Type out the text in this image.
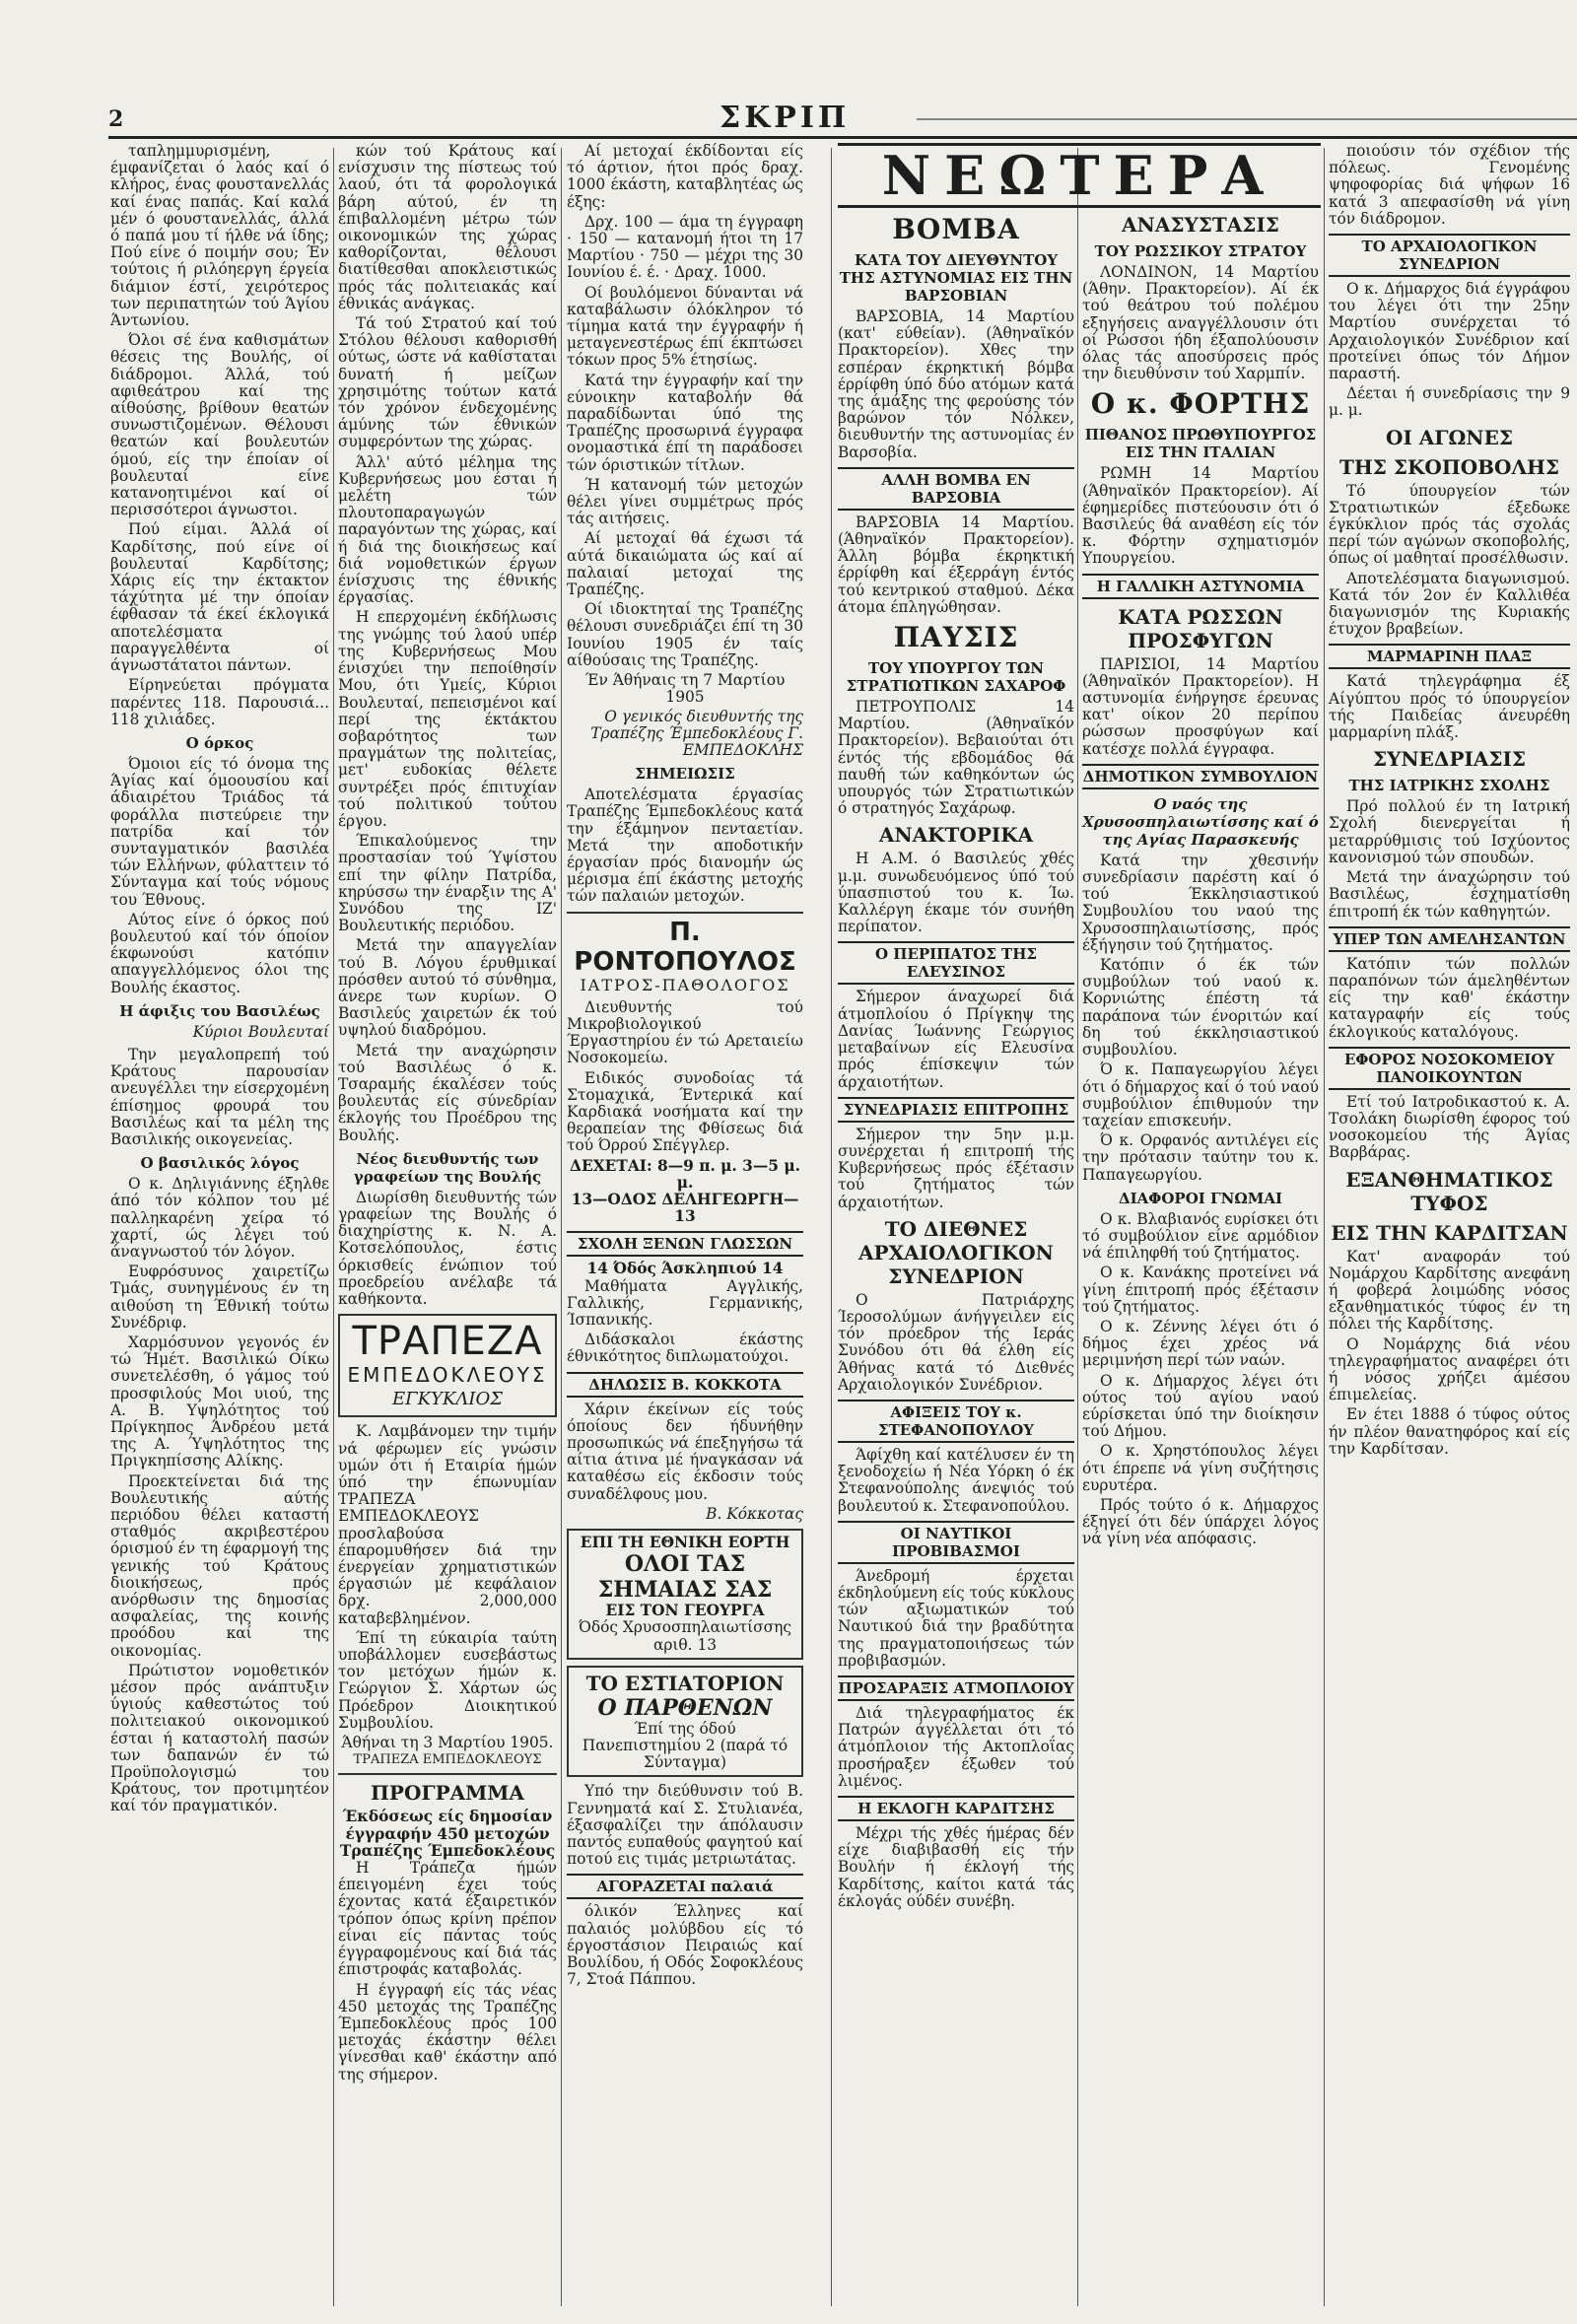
2	ΣΚΡΙΠ

ταπλημμυρισμένη, έμφανίζεται ό λαός καί ό κλήρος, ένας φουστανελλάς καί ένας παπάς. Καί καλά μέν ό φουστανελλάς, άλλά ό παπά μου τί ήλθε νά ίδης; Πού είνε ό ποιμήν σου; Έν τούτοις ή ριλόηεργη έργεία διάμιον έστί, χειρότερος των περιπατητών τού Άγίου Άντωνίου.

Όλοι σέ ένα καθισμάτων θέσεις της Βουλής, οί διάδρομοι. Άλλά, τού αφιθεάτρου καί της αίθούσης, βρίθουν θεατών συνωστιζομένων. Θέλουσι θεατών καί βουλευτών όμού, είς την έποίαν οί βουλευταί είνε κατανοητιμένοι καί οί περισσότεροι άγνωστοι.

Πού είμαι. Άλλά οί Καρδίτσης, πού είνε οί βουλευταί Καρδίτσης; Χάρις είς την έκτακτον τάχύτητα μέ την όποίαν έφθασαν τά έκεί έκλογικά αποτελέσματα παραγγελθέντα οί άγνωστάτατοι πάντων.

Είρηνεύεται πρόγματα παρέντες 118. Παρουσιά... 118 χιλιάδες.

Ο όρκος

Όμοιοι είς τό όνομα της Άγίας καί όμοουσίου καί άδιαιρέτου Τριάδος τά φοράλλα πιστεύρειε την πατρίδα καί τόν συνταγματικόν βασιλέα τών Ελλήνων, φύλαττειν τό Σύνταγμα καί τούς νόμους του Έθνους.

Αύτος είνε ό όρκος πού βουλευτού καί τόν όποίον έκφωνούσι κατόπιν απαγγελλόμενος όλοι της Βουλής έκαστος.

Η άφιξις του Βασιλέως
Κύριοι Βουλευταί

Την μεγαλοπρεπή τού Κράτους παρουσίαν ανευγέλλει την είσερχομένη έπίσημος φρουρά του Βασιλέως καί τα μέλη της Βασιλικής οικογενείας.

Ο βασιλικός λόγος

Ο κ. Δηλιγιάννης έξηλθε άπό τόν κόλπον του μέ παλληκαρένη χείρα τό χαρτί, ώς λέγει τού άναγνωστού τόν λόγον.

Ευφρόσυνος χαιρετίζω Τμάς, συνηγμένους έν τη αιθούση τη Έθνική τούτω Συνέδριφ.

Χαρμόσυνον γεγονός έν τώ Ήμέτ. Βασιλικώ Οίκω συνετελέσθη, ό γάμος τού προσφιλούς Μοι υιού, της Α. Β. Υψηλότητος τού Πρίγκηπος Άνδρέου μετά της Α. Ύψηλότητος της Πριγκηπίσσης Αλίκης.

Προεκτείνεται διά της Βουλευτικής αύτής περιόδου θέλει καταστή σταθμός ακριβεστέρου όρισμού έν τη έφαρμογή της γενικής τού Κράτους διοικήσεως, πρός ανόρθωσιν της δημοσίας ασφαλείας, της κοινής προόδου καί της οικονομίας.

Πρώτιστον νομοθετικόν μέσον πρός ανάπτυξιν ύγιούς καθεστώτος τού πολιτειακού οικονομικού έσται ή καταστολή πασών των δαπανών έν τώ Προϋπολογισμώ του Κράτους, τον προτιμητέον καί τόν πραγματικόν.

κών τού Κράτους καί ενίσχυσιν της πίστεως τού λαού, ότι τά φορολογικά βάρη αύτού, έν τη έπιβαλλομένη μέτρω τών οικονομικών της χώρας καθορίζονται, θέλουσι διατίθεσθαι αποκλειστικώς πρός τάς πολιτειακάς καί έθνικάς ανάγκας.

Τά τού Στρατού καί τού Στόλου θέλουσι καθορισθή ούτως, ώστε νά καθίσταται δυνατή ή μείζων χρησιμότης τούτων κατά τόν χρόνον ένδεχομένης άμύνης τών έθνικών συμφερόντων της χώρας.

Άλλ' αύτό μέλημα της Κυβερνήσεως μου έσται ή μελέτη τών πλουτοπαραγωγών παραγόντων της χώρας, καί ή διά της διοικήσεως καί διά νομοθετικών έργων ένίσχυσις της έθνικής έργασίας.

Η επερχομένη έκδήλωσις της γνώμης τού λαού υπέρ της Κυβερνήσεως Μου ένισχύει την πεποίθησίν Μου, ότι Υμείς, Κύριοι Βουλευταί, πεπεισμένοι καί περί της έκτάκτου σοβαρότητος των πραγμάτων της πολιτείας, μετ' ευδοκίας θέλετε συντρέξει πρός έπιτυχίαν τού πολιτικού τούτου έργου.

Έπικαλούμενος την προστασίαν τού Ύψίστου επί την φίλην Πατρίδα, κηρύσσω την έναρξιν της Α' Συνόδου της ΙΖ' Βουλευτικής περιόδου.

Μετά την απαγγελίαν τού Β. Λόγου έρυθμικαί πρόσθεν αυτού τό σύνθημα, άνερε των κυρίων. Ο Βασιλεύς χαιρετών έκ τού υψηλού διαδρόμου.

Μετά την αναχώρησιν τού Βασιλέως ό κ. Τσαραμής έκαλέσεν τούς βουλευτάς είς σύνεδρίαν έκλογής του Προέδρου της Βουλής.

Νέος διευθυντής των γραφείων της Βουλής

Διωρίσθη διευθυντής τών γραφείων της Βουλής ό διαχηρίστης κ. Ν. Α. Κοτσελόπουλος, έστις όρκισθείς ένώπιον τού προεδρείου ανέλαβε τά καθήκοντα.

ΤΡΑΠΕΖΑ
ΕΜΠΕΔΟΚΛΕΟΥΣ
ΕΓΚΥΚΛΙΟΣ

Κ. Λαμβάνομεν την τιμήν νά φέρωμεν είς γνώσιν υμών ότι ή Εταιρία ήμών ύπό την έπωνυμίαν ΤΡΑΠΕΖΑ ΕΜΠΕΔΟΚΛΕΟΥΣ προσλαβούσα έπαρομυθήσεν διά την ένεργείαν χρηματιστικών έργασιών μέ κεφάλαιον δρχ. 2,000,000 καταβεβλημένον.

Έπί τη εύκαιρία ταύτη υποβάλλομεν ευσεβάστως τον μετόχων ήμών κ. Γεώργιον Σ. Χάρτων ώς Πρόεδρον Διοικητικού Συμβουλίου.

Άθήναι τη 3 Μαρτίου 1905.
ΤΡΑΠΕΖΑ ΕΜΠΕΔΟΚΛΕΟΥΣ
ΠΡΟΓΡΑΜΜΑ
Έκδόσεως είς δημοσίαν έγγραφήν 450 μετοχών Τραπέζης Έμπεδοκλέους

Η Τράπεζα ήμών έπειγομένη έχει τούς έχοντας κατά έξαιρετικόν τρόπον όπως κρίνη πρέπον είναι είς πάντας τούς έγγραφομένους καί διά τάς έπιστροφάς καταβολάς.

Η έγγραφή είς τάς νέας 450 μετοχάς της Τραπέζης Έμπεδοκλέους πρός 100 μετοχάς έκάστην θέλει γίνεσθαι καθ' έκάστην από της σήμερον.

Αί μετοχαί έκδίδονται είς τό άρτιον, ήτοι πρός δραχ. 1000 έκάστη, καταβλητέας ώς έξης:

Δρχ. 100 — άμα τη έγγραφη · 150 — κατανομή ήτοι τη 17 Μαρτίου · 750 — μέχρι της 30 Ιουνίου έ. έ. · Δραχ. 1000.

Οί βουλόμενοι δύνανται νά καταβάλωσιν όλόκληρον τό τίμημα κατά την έγγραφήν ή μεταγενεστέρως έπί έκπτώσει τόκων προς 5% έτησίως.

Κατά την έγγραφήν καί την εύνοικην καταβολήν θά παραδίδωνται ύπό της Τραπέζης προσωρινά έγγραφα ονομαστικά έπί τη παράδοσει τών όριστικών τίτλων.

Ή κατανομή τών μετοχών θέλει γίνει συμμέτρως πρός τάς αιτήσεις.

Αί μετοχαί θά έχωσι τά αύτά δικαιώματα ώς καί αί παλαιαί μετοχαί της Τραπέζης.

Οί ιδιοκτηταί της Τραπέζης θέλουσι συνεδριάζει έπί τη 30 Ιουνίου 1905 έν ταίς αίθούσαις της Τραπέζης.

Έν Άθήναις τη 7 Μαρτίου 1905
Ο γενικός διευθυντής της Τραπέζης Έμπεδοκλέους Γ. ΕΜΠΕΔΟΚΛΗΣ
ΣΗΜΕΙΩΣΙΣ

Αποτελέσματα έργασίας Τραπέζης Έμπεδοκλέους κατά την έξάμηνον πενταετίαν. Μετά την αποδοτικήν έργασίαν πρός διανομήν ώς μέρισμα έπί έκάστης μετοχής τών παλαιών μετοχών.

Π. ΡΟΝΤΟΠΟΥΛΟΣ
ΙΑΤΡΟΣ-ΠΑΘΟΛΟΓΟΣ

Διευθυντής τού Μικροβιολογικού Έργαστηρίου έν τώ Αρεταιείω Νοσοκομείω.

Ειδικός συνοδοίας τά Στομαχικά, Έντερικά καί Καρδιακά νοσήματα καί την θεραπείαν της Φθίσεως διά τού Όρρού Σπέγγλερ.

ΔΕΧΕΤΑΙ: 8—9 π. μ. 3—5 μ. μ.
13—ΟΔΟΣ ΔΕΛΗΓΕΩΡΓΗ—13
ΣΧΟΛΗ ΞΕΝΩΝ ΓΛΩΣΣΩΝ
14 Όδός Άσκληπιού 14

Μαθήματα Αγγλικής, Γαλλικής, Γερμανικής, Ίσπανικής.

Διδάσκαλοι έκάστης έθνικότητος διπλωματούχοι.

ΔΗΛΩΣΙΣ Β. ΚΟΚΚΟΤΑ

Χάριν έκείνων είς τούς όποίους δεν ήδυνήθην προσωπικώς νά έπεξηγήσω τά αίτια άτινα μέ ήναγκάσαν νά καταθέσω είς έκδοσιν τούς συναδέλφους μου.

Β. Κόκκοτας
ΕΠΙ ΤΗ ΕΘΝΙΚΗ ΕΟΡΤΗ
ΟΛΟΙ ΤΑΣ ΣΗΜΑΙΑΣ ΣΑΣ
ΕΙΣ ΤΟΝ ΓΕΟΥΡΓΑ
Όδός Χρυσοσπηλαιωτίσσης αριθ. 13
ΤΟ ΕΣΤΙΑΤΟΡΙΟΝ
Ο ΠΑΡΘΕΝΩΝ
Έπί της όδού Πανεπιστημίου 2 (παρά τό Σύνταγμα)

Υπό την διεύθυνσιν τού Β. Γεννηματά καί Σ. Στυλιανέα, έξασφαλίζει την άπόλαυσιν παντός ευπαθούς φαγητού καί ποτού εις τιμάς μετριωτάτας.

ΑΓΟΡΑΖΕΤΑΙ παλαιά

όλικόν Έλληνες καί παλαιός μολύβδου είς τό έργοστάσιον Πειραιώς καί Βουλίδου, ή Οδός Σοφοκλέους 7, Στοά Πάππου.

ΝΕΩΤΕΡΑ
ΒΟΜΒΑ
ΚΑΤΑ ΤΟΥ ΔΙΕΥΘΥΝΤΟΥ ΤΗΣ ΑΣΤΥΝΟΜΙΑΣ ΕΙΣ ΤΗΝ ΒΑΡΣΟΒΙΑΝ

ΒΑΡΣΟΒΙΑ, 14 Μαρτίου (κατ' εύθείαν). (Άθηναϊκόν Πρακτορείον). Χθες την εσπέραν έκρηκτική βόμβα έρρίφθη ύπό δύο ατόμων κατά της άμάξης της φερούσης τόν βαρώνον τόν Νόλκεν, διευθυντήν της αστυνομίας έν Βαρσοβία.

ΑΛΛΗ ΒΟΜΒΑ ΕΝ ΒΑΡΣΟΒΙΑ

ΒΑΡΣΟΒΙΑ 14 Μαρτίου. (Άθηναϊκόν Πρακτορείον). Άλλη βόμβα έκρηκτική έρρίφθη καί έξερράγη έντός τού κεντρικού σταθμού. Δέκα άτομα έπληγώθησαν.

ΠΑΥΣΙΣ
ΤΟΥ ΥΠΟΥΡΓΟΥ ΤΩΝ ΣΤΡΑΤΙΩΤΙΚΩΝ ΣΑΧΑΡΟΦ

ΠΕΤΡΟΥΠΟΛΙΣ 14 Μαρτίου. (Άθηναϊκόν Πρακτορείον). Βεβαιούται ότι έντός τής εβδομάδος θά παυθή τών καθηκόντων ώς υπουργός τών Στρατιωτικών ό στρατηγός Σαχάρωφ.

ΑΝΑΚΤΟΡΙΚΑ

Η Α.Μ. ό Βασιλεύς χθές μ.μ. συνωδευόμενος ύπό τού ύπασπιστού του κ. Ίω. Καλλέργη έκαμε τόν συνήθη περίπατον.

Ο ΠΕΡΙΠΑΤΟΣ ΤΗΣ ΕΛΕΥΣΙΝΟΣ

Σήμερον άναχωρεί διά άτμοπλοίου ό Πρίγκηψ της Δανίας Ίωάννης Γεώργιος μεταβαίνων είς Ελευσίνα πρός έπίσκεψιν τών άρχαιοτήτων.

ΣΥΝΕΔΡΙΑΣΙΣ ΕΠΙΤΡΟΠΗΣ

Σήμερον την 5ην μ.μ. συνέρχεται ή επιτροπή τής Κυβερνήσεως πρός έξέτασιν τού ζητήματος τών άρχαιοτήτων.

ΤΟ ΔΙΕΘΝΕΣ ΑΡΧΑΙΟΛΟΓΙΚΟΝ ΣΥΝΕΔΡΙΟΝ

Ο Πατριάρχης Ίεροσολύμων άνήγγειλεν είς τόν πρόεδρον τής Ιεράς Συνόδου ότι θά έλθη είς Άθήνας κατά τό Διεθνές Αρχαιολογικόν Συνέδριον.

ΑΦΙΞΕΙΣ ΤΟΥ κ. ΣΤΕΦΑΝΟΠΟΥΛΟΥ

Άφίχθη καί κατέλυσεν έν τη ξενοδοχείω ή Νέα Υόρκη ό έκ Στεφανούπολης άνεψιός τού βουλευτού κ. Στεφανοπούλου.

ΟΙ ΝΑΥΤΙΚΟΙ ΠΡΟΒΙΒΑΣΜΟΙ

Άνεδρομή έρχεται έκδηλούμενη είς τούς κύκλους τών αξιωματικών τού Ναυτικού διά την βραδύτητα της πραγματοποιήσεως τών προβιβασμών.

ΠΡΟΣΑΡΑΞΙΣ ΑΤΜΟΠΛΟΙΟΥ

Διά τηλεγραφήματος έκ Πατρών άγγέλλεται ότι τό άτμόπλοιον τής Ακτοπλοΐας προσήραξεν έξωθεν τού λιμένος.

Η ΕΚΛΟΓΗ ΚΑΡΔΙΤΣΗΣ

Μέχρι τής χθές ήμέρας δέν είχε διαβιβασθή είς τήν Βουλήν ή έκλογή τής Καρδίτσης, καίτοι κατά τάς έκλογάς ούδέν συνέβη.

ΑΝΑΣΥΣΤΑΣΙΣ
ΤΟΥ ΡΩΣΣΙΚΟΥ ΣΤΡΑΤΟΥ

ΛΟΝΔΙΝΟΝ, 14 Μαρτίου (Άθην. Πρακτορείον). Αί έκ τού θεάτρου τού πολέμου εξηγήσεις αναγγέλλουσιν ότι οί Ρώσσοι ήδη έξαπολύουσιν όλας τάς αποσύρσεις πρός την διευθύνσιν τού Χαρμπίν.

Ο κ. ΦΟΡΤΗΣ
ΠΙΘΑΝΟΣ ΠΡΩΘΥΠΟΥΡΓΟΣ ΕΙΣ ΤΗΝ ΙΤΑΛΙΑΝ

ΡΩΜΗ 14 Μαρτίου (Άθηναϊκόν Πρακτορείον). Αί έφημερίδες πιστεύουσιν ότι ό Βασιλεύς θά αναθέση είς τόν κ. Φόρτην σχηματισμόν Υπουργείου.

Η ΓΑΛΛΙΚΗ ΑΣΤΥΝΟΜΙΑ
ΚΑΤΑ ΡΩΣΣΩΝ ΠΡΟΣΦΥΓΩΝ

ΠΑΡΙΣΙΟΙ, 14 Μαρτίου (Άθηναϊκόν Πρακτορείον). Η αστυνομία ένήργησε έρευνας κατ' οίκον 20 περίπου ρώσσων προσφύγων καί κατέσχε πολλά έγγραφα.

ΔΗΜΟΤΙΚΟΝ ΣΥΜΒΟΥΛΙΟΝ
Ο ναός της Χρυσοσπηλαιωτίσσης καί ό της Αγίας Παρασκευής

Κατά την χθεσινήν συνεδρίασιν παρέστη καί ό τού Έκκλησιαστικού Συμβουλίου του ναού της Χρυσοσπηλαιωτίσσης, πρός έξήγησιν τού ζητήματος.

Κατόπιν ό έκ τών συμβούλων τού ναού κ. Κορνιώτης έπέστη τά παράπονα τών ένοριτών καί δη τού έκκλησιαστικού συμβουλίου.

Ό κ. Παπαγεωργίου λέγει ότι ό δήμαρχος καί ό τού ναού συμβούλιον έπιθυμούν την ταχείαν επισκευήν.

Ό κ. Ορφανός αντιλέγει είς την πρότασιν ταύτην του κ. Παπαγεωργίου.

ΔΙΑΦΟΡΟΙ ΓΝΩΜΑΙ

Ο κ. Βλαβιανός ευρίσκει ότι τό συμβούλιον είνε αρμόδιον νά έπιληφθή τού ζητήματος.

Ο κ. Κανάκης προτείνει νά γίνη έπιτροπή πρός έξέτασιν τού ζητήματος.

Ο κ. Ζέννης λέγει ότι ό δήμος έχει χρέος νά μεριμνήση περί τών ναών.

Ο κ. Δήμαρχος λέγει ότι ούτος τού αγίου ναού εύρίσκεται ύπό την διοίκησιν τού Δήμου.

Ο κ. Χρηστόπουλος λέγει ότι έπρεπε νά γίνη συζήτησις ευρυτέρα.

Πρός τούτο ό κ. Δήμαρχος έξηγεί ότι δέν ύπάρχει λόγος νά γίνη νέα απόφασις.

ποιούσιν τόν σχέδιον τής πόλεως. Γενομένης ψηφοφορίας διά ψήφων 16 κατά 3 απεφασίσθη νά γίνη τόν διάδρομον.

ΤΟ ΑΡΧΑΙΟΛΟΓΙΚΟΝ ΣΥΝΕΔΡΙΟΝ

Ο κ. Δήμαρχος διά έγγράφου του λέγει ότι την 25ην Μαρτίου συνέρχεται τό Αρχαιολογικόν Συνέδριον καί προτείνει όπως τόν Δήμον παραστή.

Δέεται ή συνεδρίασις την 9 μ. μ.

ΟΙ ΑΓΩΝΕΣ
ΤΗΣ ΣΚΟΠΟΒΟΛΗΣ

Τό ύπουργείον τών Στρατιωτικών έξεδωκε έγκύκλιον πρός τάς σχολάς περί τών αγώνων σκοποβολής, όπως οί μαθηταί προσέλθωσιν.

Αποτελέσματα διαγωνισμού. Κατά τόν 2ον έν Καλλιθέα διαγωνισμόν της Κυριακής έτυχον βραβείων.

ΜΑΡΜΑΡΙΝΗ ΠΛΑΞ

Κατά τηλεγράφημα έξ Αίγύπτου πρός τό ύπουργείον τής Παιδείας άνευρέθη μαρμαρίνη πλάξ.

ΣΥΝΕΔΡΙΑΣΙΣ
ΤΗΣ ΙΑΤΡΙΚΗΣ ΣΧΟΛΗΣ

Πρό πολλού έν τη Ιατρική Σχολή διενεργείται ή μεταρρύθμισις τού Ισχύοντος κανονισμού τών σπουδών.

Μετά την άναχώρησιν τού Βασιλέως, έσχηματίσθη έπιτροπή έκ τών καθηγητών.

ΥΠΕΡ ΤΩΝ ΑΜΕΛΗΣΑΝΤΩΝ

Κατόπιν τών πολλών παραπόνων τών άμεληθέντων είς την καθ' έκάστην καταγραφήν είς τούς έκλογικούς καταλόγους.

ΕΦΟΡΟΣ ΝΟΣΟΚΟΜΕΙΟΥ ΠΑΝΟΙΚΟΥΝΤΩΝ

Ετί τού Ιατροδικαστού κ. Α. Τσολάκη διωρίσθη έφορος τού νοσοκομείου τής Άγίας Βαρβάρας.

ΕΞΑΝΘΗΜΑΤΙΚΟΣ ΤΥΦΟΣ
ΕΙΣ ΤΗΝ ΚΑΡΔΙΤΣΑΝ

Κατ' αναφοράν τού Νομάρχου Καρδίτσης ανεφάνη ή φοβερά λοιμώδης νόσος εξανθηματικός τύφος έν τη πόλει τής Καρδίτσης.

Ο Νομάρχης διά νέου τηλεγραφήματος αναφέρει ότι ή νόσος χρήζει άμέσου έπιμελείας.

Εν έτει 1888 ό τύφος ούτος ήν πλέον θανατηφόρος καί είς την Καρδίτσαν.
